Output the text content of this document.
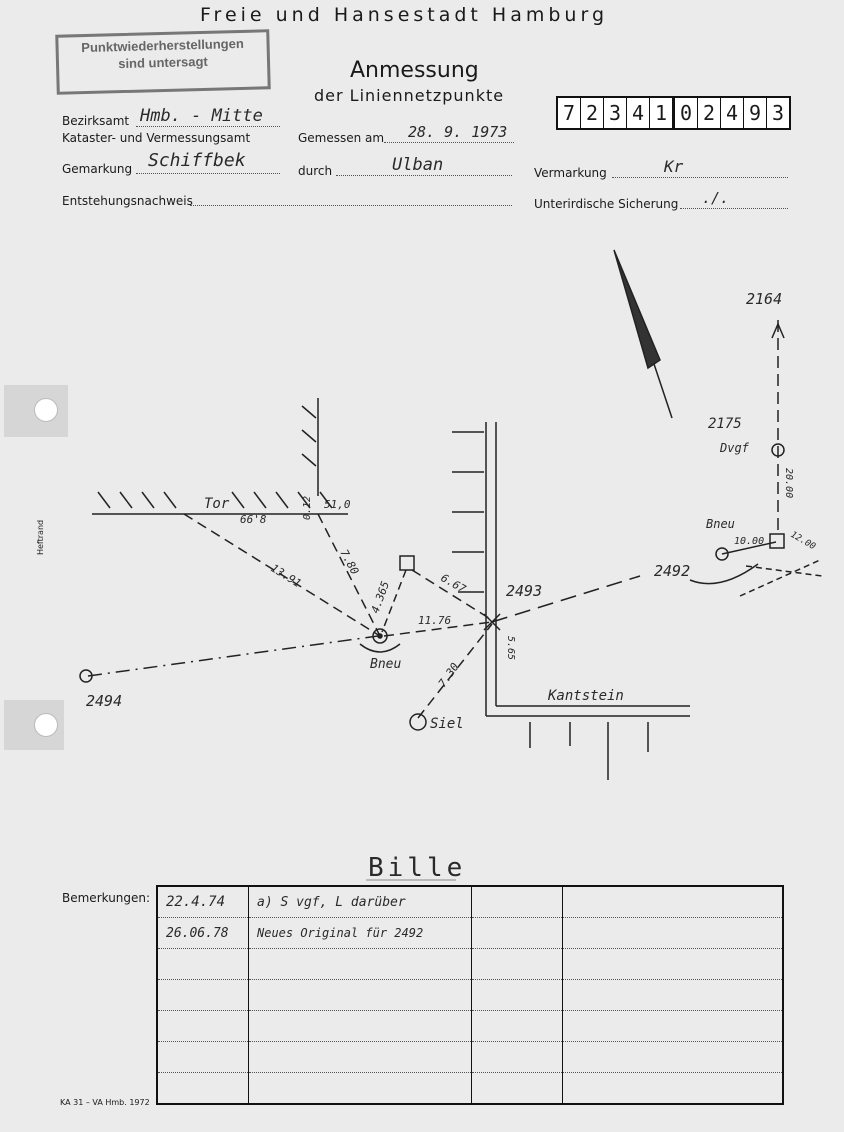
Freie und Hansestadt Hamburg
Punktwiederherstellungen
sind untersagt	Anmessung
der Liniennetzpunkte
7 2 3 4 1 0 2 4 9 3
Bezirksamt Hmb. - Mitte
Kataster- und Vermessungsamt	Gemessen am 28. 9. 1973
Gemarkung Schiffbek	durch	Ulban	Vermarkung	Kr
Entstehungsnachweis	Unterirdische Sicherung ./.
Heftrand
Tor
66'8	0.12 51,0
13.91	7.80
4.365	6.67
11.76
7.30
5.65
2493
2494
2492
2175
2164
Bneu
Bneu
Dvgf
Siel
Kantstein
10.00
20.00
12.00
Bille
Bemerkungen: 22.4.74	a) S vgf, L darüber		
26.06.78	Neues Original für 2492		

KA 31 – VA Hmb. 1972
